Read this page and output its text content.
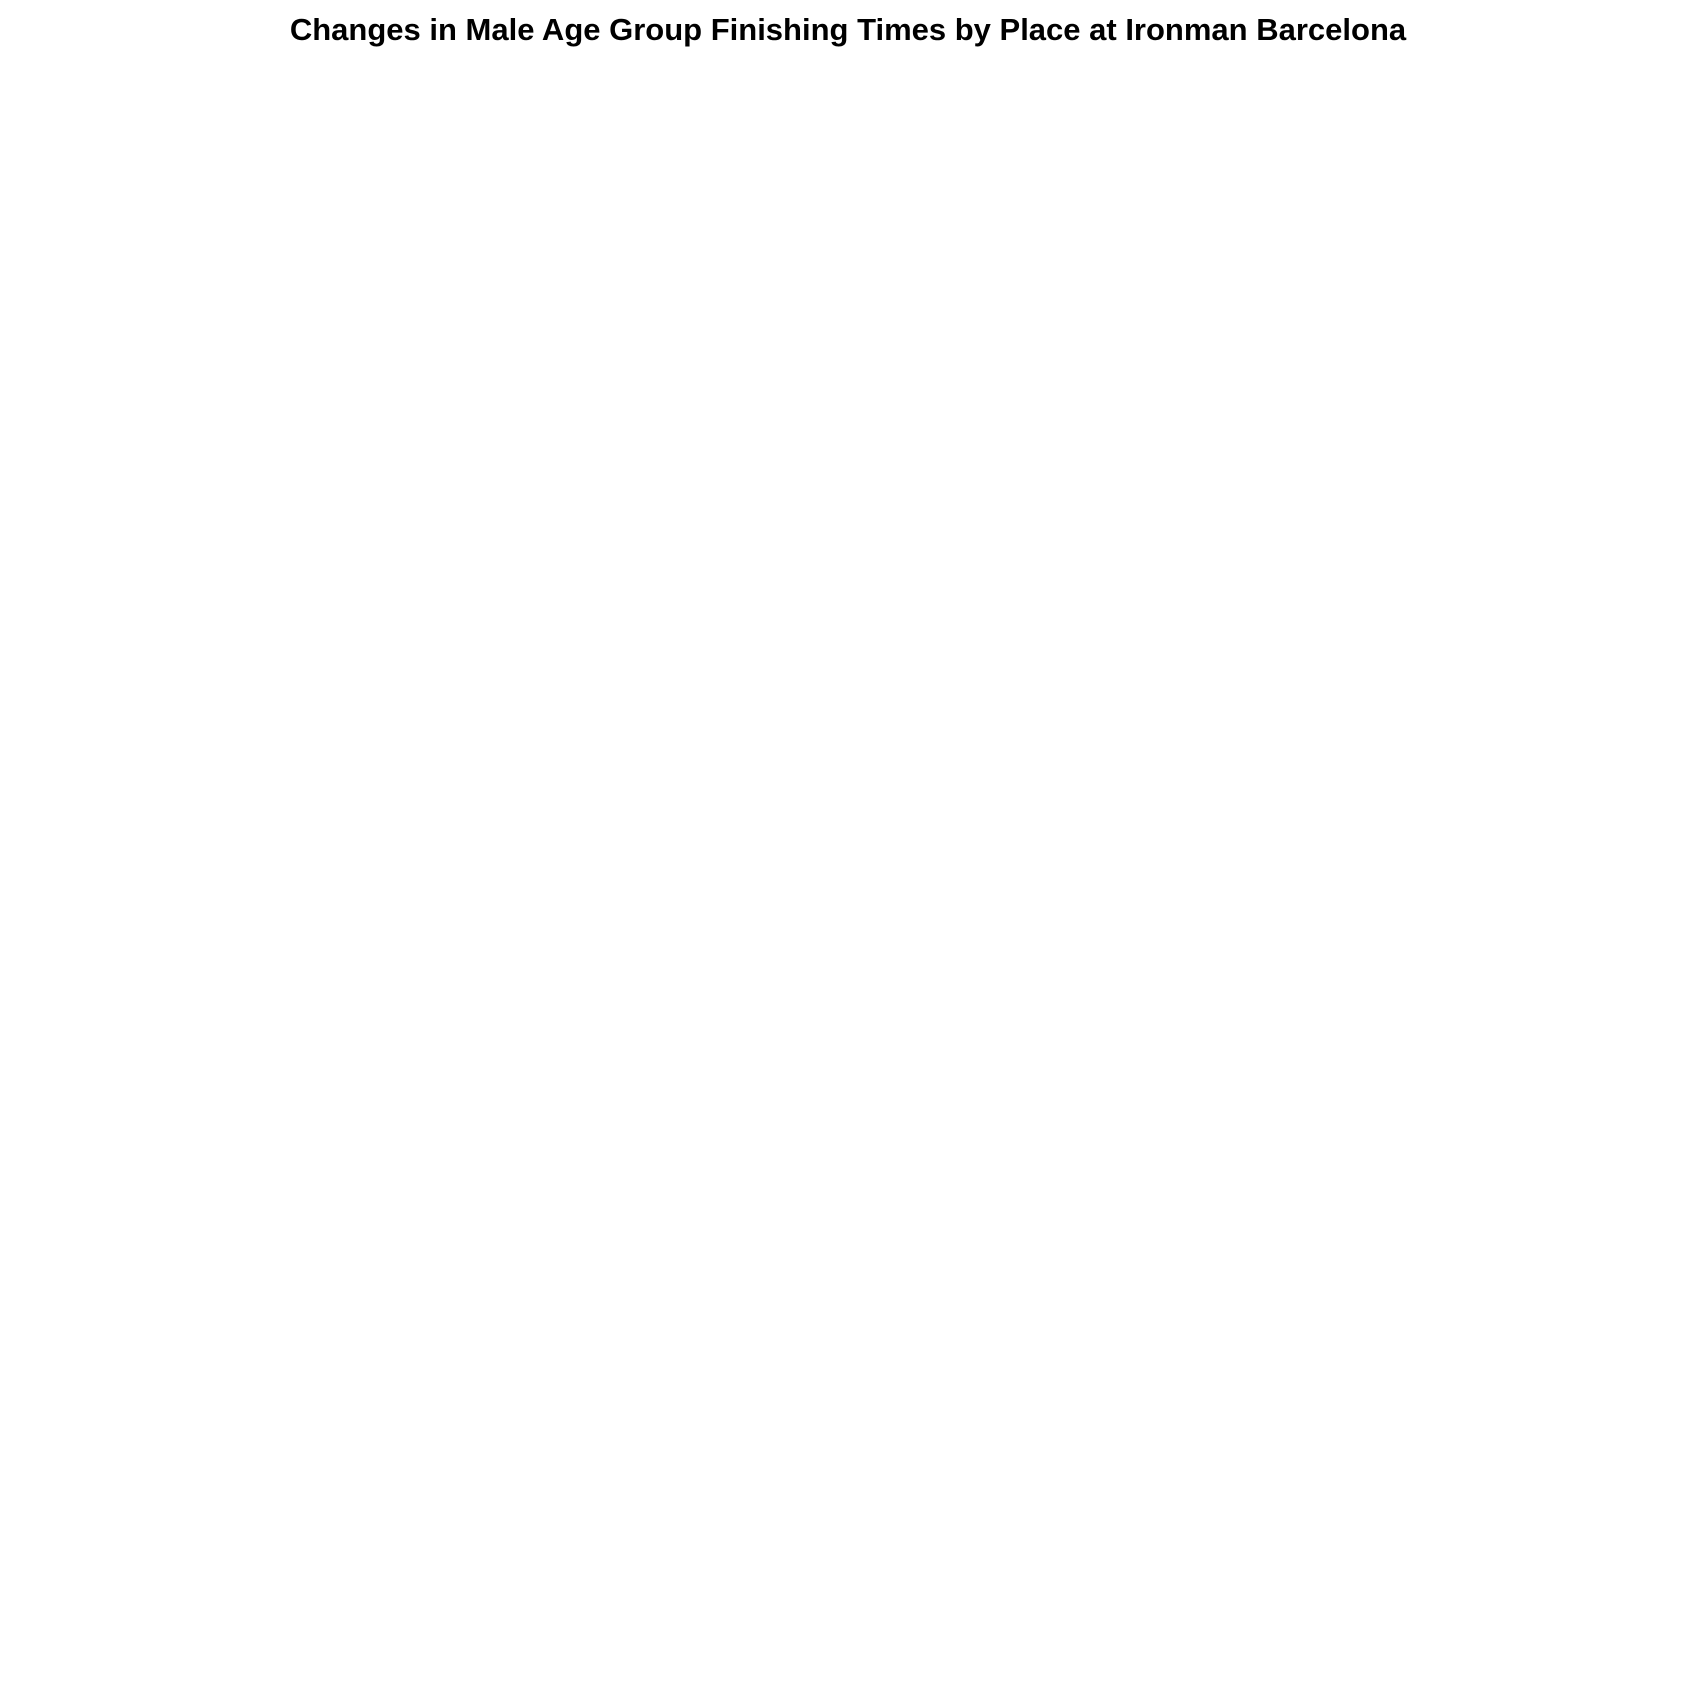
Changes in Male Age Group Finishing Times by Place at Ironman Barcelona
